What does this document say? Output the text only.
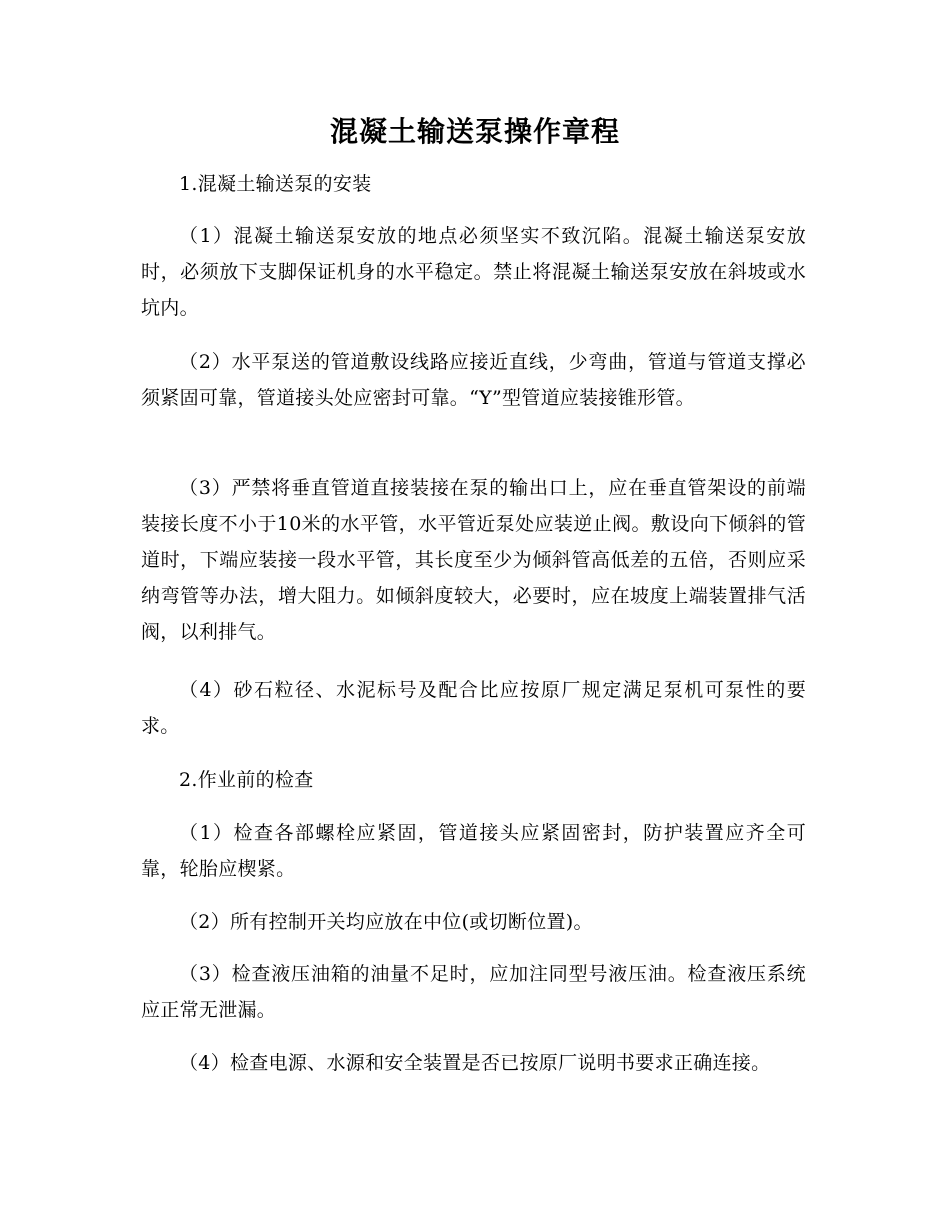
混凝土输送泵操作章程

1.混凝土输送泵的安装

（1）混凝土输送泵安放的地点必须坚实不致沉陷。混凝土输送泵安放时，必须放下支脚保证机身的水平稳定。禁止将混凝土输送泵安放在斜坡或水坑内。

（2）水平泵送的管道敷设线路应接近直线，少弯曲，管道与管道支撑必须紧固可靠，管道接头处应密封可靠。“Y”型管道应装接锥形管。

（3）严禁将垂直管道直接装接在泵的输出口上，应在垂直管架设的前端装接长度不小于10米的水平管，水平管近泵处应装逆止阀。敷设向下倾斜的管道时，下端应装接一段水平管，其长度至少为倾斜管高低差的五倍，否则应采纳弯管等办法，增大阻力。如倾斜度较大，必要时，应在坡度上端装置排气活阀，以利排气。

（4）砂石粒径、水泥标号及配合比应按原厂规定满足泵机可泵性的要求。

2.作业前的检查

（1）检查各部螺栓应紧固，管道接头应紧固密封，防护装置应齐全可靠，轮胎应楔紧。

（2）所有控制开关均应放在中位(或切断位置)。

（3）检查液压油箱的油量不足时，应加注同型号液压油。检查液压系统应正常无泄漏。

（4）检查电源、水源和安全装置是否已按原厂说明书要求正确连接。
